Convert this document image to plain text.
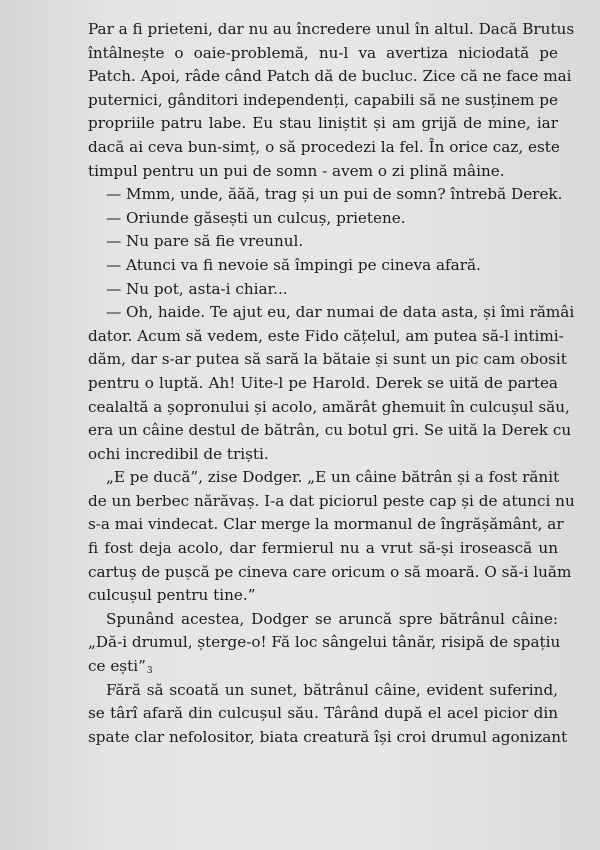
Par a fi prieteni, dar nu au încredere unul în altul. Dacă Brutus
întâlnește o oaie-problemă, nu-l va avertiza niciodată pe
Patch. Apoi, râde când Patch dă de bucluc. Zice că ne face mai
puternici, gânditori independenți, capabili să ne susținem pe
propriile patru labe. Eu stau liniștit și am grijă de mine, iar
dacă ai ceva bun-simț, o să procedezi la fel. În orice caz, este
timpul pentru un pui de somn - avem o zi plină mâine.
— Mmm, unde, ăăă, trag și un pui de somn? întrebă Derek.
— Oriunde găsești un culcuș, prietene.
— Nu pare să fie vreunul.
— Atunci va fi nevoie să împingi pe cineva afară.
— Nu pot, asta-i chiar...
— Oh, haide. Te ajut eu, dar numai de data asta, și îmi rămâi
dator. Acum să vedem, este Fido cățelul, am putea să-l intimi-
dăm, dar s-ar putea să sară la bătaie și sunt un pic cam obosit
pentru o luptă. Ah! Uite-l pe Harold. Derek se uită de partea
cealaltă a șopronului și acolo, amărât ghemuit în culcușul său,
era un câine destul de bătrân, cu botul gri. Se uită la Derek cu
ochi incredibil de triști.
„E pe ducă”, zise Dodger. „E un câine bătrân și a fost rănit
de un berbec nărăvaș. I-a dat piciorul peste cap și de atunci nu
s-a mai vindecat. Clar merge la mormanul de îngrășământ, ar
fi fost deja acolo, dar fermierul nu a vrut să-și irosească un
cartuș de pușcă pe cineva care oricum o să moară. O să-i luăm
culcușul pentru tine.”
Spunând acestea, Dodger se aruncă spre bătrânul câine:
„Dă-i drumul, șterge-o! Fă loc sângelui tânăr, risipă de spațiu
ce ești”$^3$
Fără să scoată un sunet, bătrânul câine, evident suferind,
se târî afară din culcușul său. Târând după el acel picior din
spate clar nefolositor, biata creatură își croi drumul agonizant
